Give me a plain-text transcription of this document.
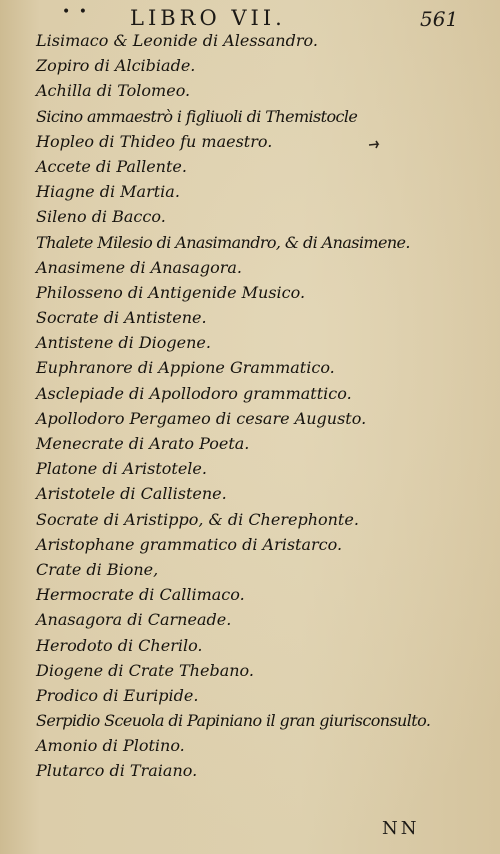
• • LIBRO VII.	561
Lisimaco & Leonide di Alessandro.
Zopiro di Alcibiade.
Achilla di Tolomeo.
Sicino ammaestrò i figliuoli di Themistocle
Hopleo di Thideo fu maestro.
Accete di Pallente.
Hiagne di Martia.
Sileno di Bacco.
Thalete Milesio di Anasimandro, & di Anasimene.
Anasimene di Anasagora.
Philosseno di Antigenide Musico.
Socrate di Antistene.
Antistene di Diogene.
Euphranore di Appione Grammatico.
Asclepiade di Apollodoro grammattico.
Apollodoro Pergameo di cesare Augusto.
Menecrate di Arato Poeta.
Platone di Aristotele.
Aristotele di Callistene.
Socrate di Aristippo, & di Cherephonte.
Aristophane grammatico di Aristarco.
Crate di Bione,
Hermocrate di Callimaco.
Anasagora di Carneade.
Herodoto di Cherilo.
Diogene di Crate Thebano.
Prodico di Euripide.
Serpidio Sceuola di Papiniano il gran giurisconsulto.
Amonio di Plotino.
Plutarco di Traiano.
NN
